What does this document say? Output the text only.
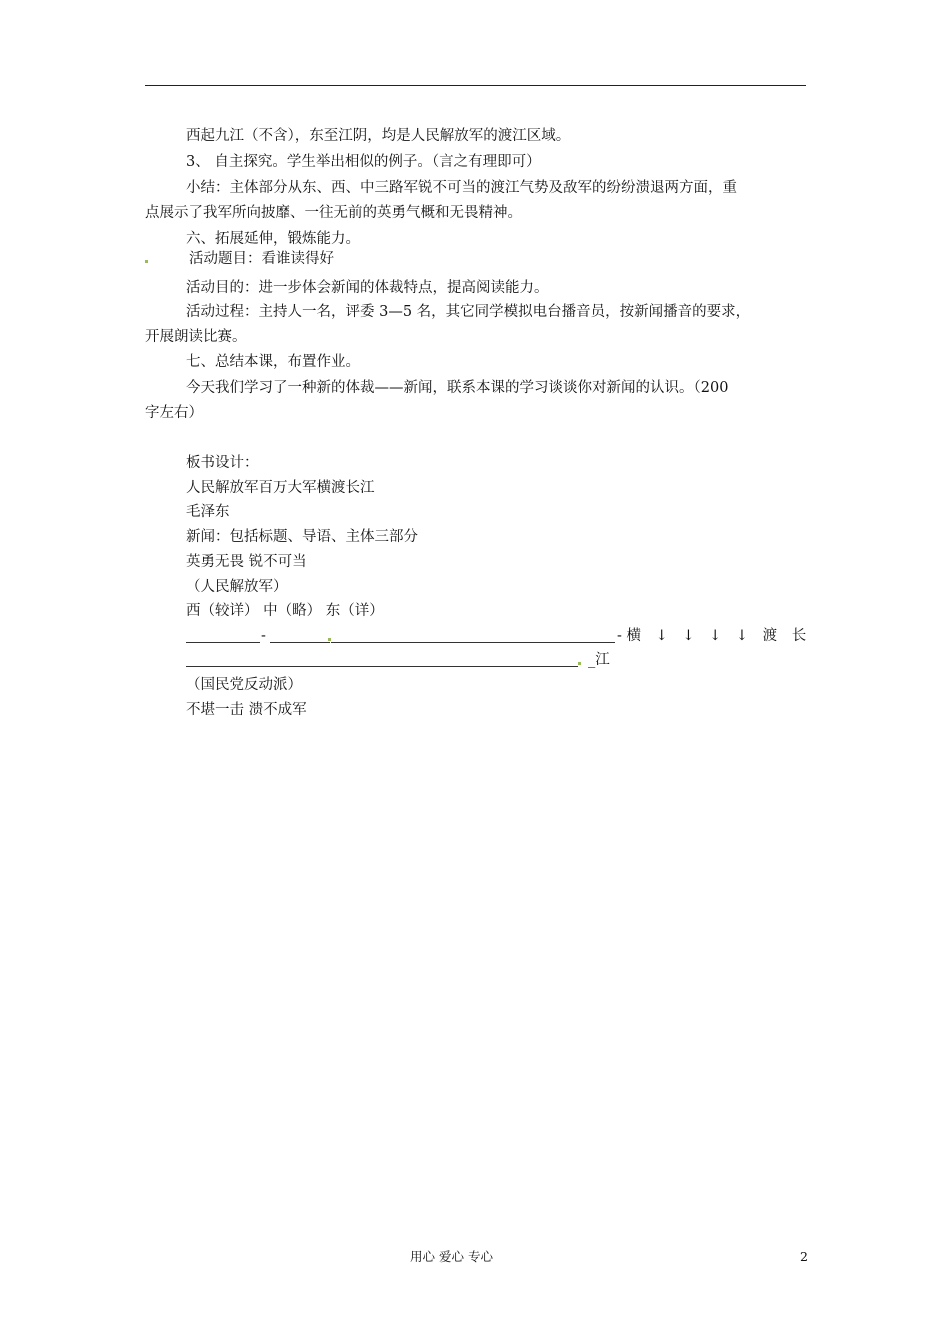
西起九江（不含），东至江阴，均是人民解放军的渡江区域。
3、 自主探究。学生举出相似的例子。（言之有理即可）
小结：主体部分从东、西、中三路军锐不可当的渡江气势及敌军的纷纷溃退两方面，重
点展示了我军所向披靡、一往无前的英勇气概和无畏精神。
六、拓展延伸，锻炼能力。
活动题目：看谁读得好
活动目的：进一步体会新闻的体裁特点，提高阅读能力。
活动过程：主持人一名，评委 3—5 名，其它同学模拟电台播音员，按新闻播音的要求，
开展朗读比赛。
七、总结本课，布置作业。
今天我们学习了一种新的体裁——新闻，联系本课的学习谈谈你对新闻的认识。（200
字左右）
板书设计：
人民解放军百万大军横渡长江
毛泽东
新闻：包括标题、导语、主体三部分
英勇无畏 锐不可当
（人民解放军）
西（较详） 中（略） 东（详）
-	- 横 ↓ ↓ ↓ ↓ 渡 长
_江
（国民党反动派）
不堪一击 溃不成军
用心 爱心 专心	2
